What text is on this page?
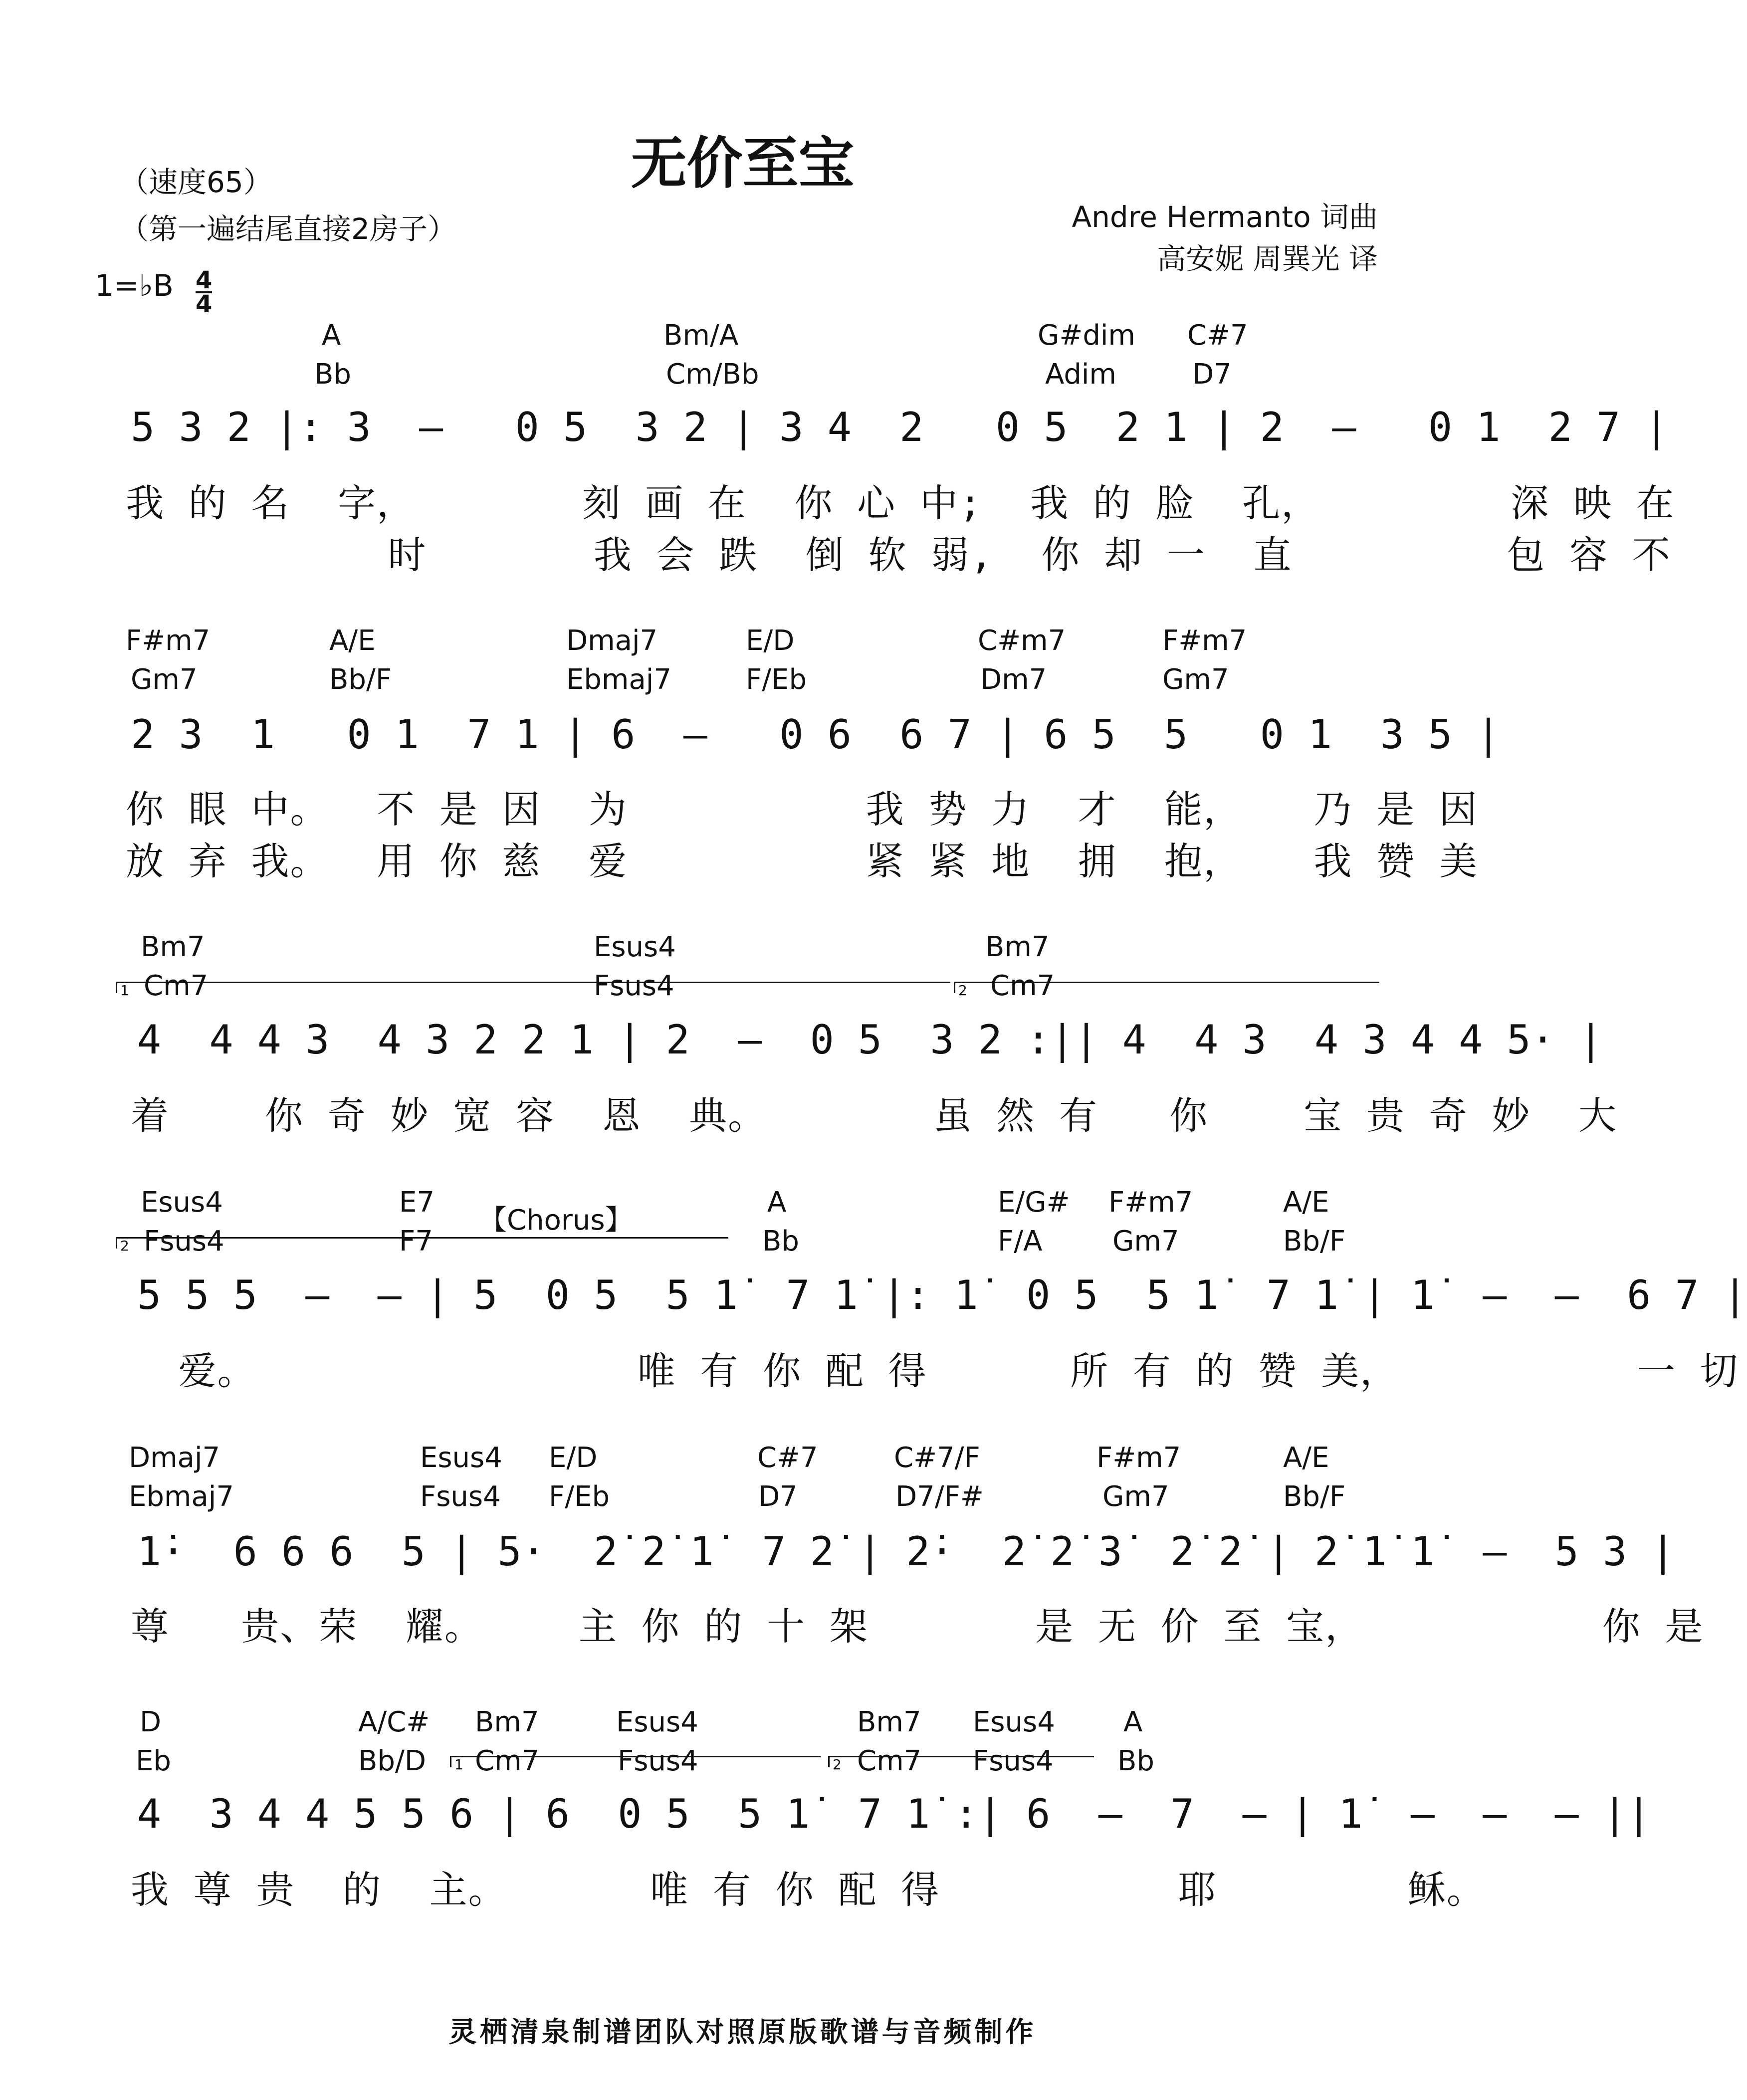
无价至宝
（速度65）
（第一遍结尾直接2房子）	Andre Hermanto 词曲
高安妮 周巽光 译
1=♭B $\frac{4}{4}$
A	Bm/A	G#dim C#7
Bb	Cm/Bb	Adim	D7
5 3 2 |: 3  –   0 5  3 2 | 3 4  2   0 5  2 1 | 2  –   0 1  2 7 |
我 的 名  字，       刻 画 在  你 心 中;  我 的 脸  孔，        深 映 在
时       我 会 跌  倒 软 弱,  你 却 一  直         包 容 不
F#m7	A/E	Dmaj7	E/D	C#m7	F#m7
Gm7	Bb/F	Ebmaj7	F/Eb	Dm7	Gm7
2 3  1   0 1  7 1 | 6  –   0 6  6 7 | 6 5  5   0 1  3 5 |
你 眼 中。  不 是 因  为          我 势 力  才  能，   乃 是 因
放 弃 我。  用 你 慈  爱          紧 紧 地  拥  抱，   我 赞 美
Bm7	Esus4	Bm7
1	2
Cm7	Fsus4	Cm7
4  4 4 3  4 3 2 2 1 | 2  –  0 5  3 2 :|| 4  4 3  4 3 4 4 5· |
着    你 奇 妙 宽 容  恩  典。       虽 然 有   你    宝 贵 奇 妙  大
Esus4	E7	A	E/G# F#m7	A/E
【Chorus】
2 Fsus4	F7	Bb	F/A	Gm7	Bb/F
5 5 5  –  – | 5  0 5  5 1̇  7 1̇ |: 1̇  0 5  5 1̇  7 1̇ | 1̇  –  –  6 7 |
爱。                唯 有 你 配 得      所 有 的 赞 美，          一 切
Dmaj7	Esus4 E/D	C#7	C#7/F	F#m7	A/E
Ebmaj7	Fsus4 F/Eb	D7	D7/F#	Gm7	Bb/F
1̇·  6 6 6  5 | 5·  2̇ 2̇ 1̇  7 2̇ | 2̇·  2̇ 2̇ 3̇  2̇ 2̇ | 2̇ 1̇ 1̇  –  5 3 |
尊   贵、荣  耀。    主 你 的 十 架       是 无 价 至 宝，          你 是
D	A/C# Bm7	Esus4	Bm7 Esus4 A
1	2
Eb	Bb/D Cm7	Fsus4	Cm7 Fsus4 Bb
4  3 4 4 5 5 6 | 6  0 5  5 1̇  7 1̇ :| 6  –  7  – | 1̇  –  –  – ||
我 尊 贵  的  主。      唯 有 你 配 得          耶        稣。
灵栖清泉制谱团队对照原版歌谱与音频制作
